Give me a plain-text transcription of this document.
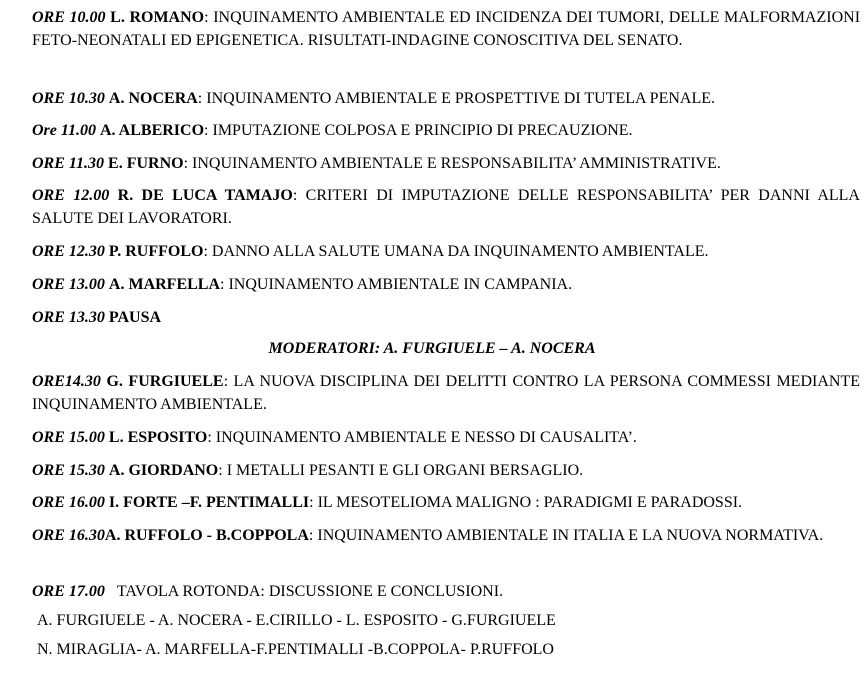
ORE 10.00 L. ROMANO: INQUINAMENTO AMBIENTALE ED INCIDENZA DEI TUMORI, DELLE MALFORMAZIONI FETO-NEONATALI ED EPIGENETICA. RISULTATI-INDAGINE CONOSCITIVA DEL SENATO.
ORE 10.30 A. NOCERA: INQUINAMENTO AMBIENTALE E PROSPETTIVE DI TUTELA PENALE.
Ore 11.00 A. ALBERICO: IMPUTAZIONE COLPOSA E PRINCIPIO DI PRECAUZIONE.
ORE 11.30 E. FURNO: INQUINAMENTO AMBIENTALE E RESPONSABILITA’ AMMINISTRATIVE.
ORE 12.00 R. DE LUCA TAMAJO: CRITERI DI IMPUTAZIONE DELLE RESPONSABILITA’ PER DANNI ALLA SALUTE DEI LAVORATORI.
ORE 12.30 P. RUFFOLO: DANNO ALLA SALUTE UMANA DA INQUINAMENTO AMBIENTALE.
ORE 13.00 A. MARFELLA: INQUINAMENTO AMBIENTALE IN CAMPANIA.
ORE 13.30 PAUSA
MODERATORI: A. FURGIUELE – A. NOCERA
ORE14.30 G. FURGIUELE: LA NUOVA DISCIPLINA DEI DELITTI CONTRO LA PERSONA COMMESSI MEDIANTE INQUINAMENTO AMBIENTALE.
ORE 15.00 L. ESPOSITO: INQUINAMENTO AMBIENTALE E NESSO DI CAUSALITA’.
ORE 15.30 A. GIORDANO: I METALLI PESANTI E GLI ORGANI BERSAGLIO.
ORE 16.00 I. FORTE –F. PENTIMALLI: IL MESOTELIOMA MALIGNO : PARADIGMI E PARADOSSI.
ORE 16.30A. RUFFOLO - B.COPPOLA: INQUINAMENTO AMBIENTALE IN ITALIA E LA NUOVA NORMATIVA.
ORE 17.00 TAVOLA ROTONDA: DISCUSSIONE E CONCLUSIONI.
A. FURGIUELE - A. NOCERA - E.CIRILLO - L. ESPOSITO - G.FURGIUELE
N. MIRAGLIA- A. MARFELLA-F.PENTIMALLI -B.COPPOLA- P.RUFFOLO
